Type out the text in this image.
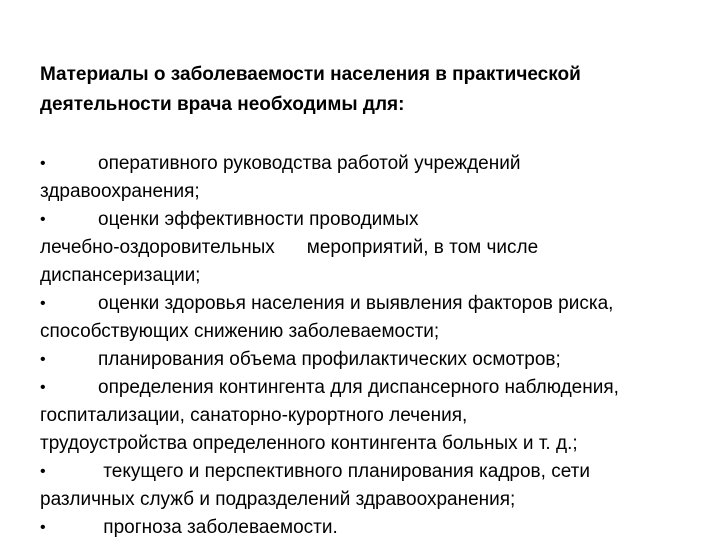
Материалы о заболеваемости населения в практической
деятельности врача необходимы для:

•	оперативного руководства работой учреждений
здравоохранения;
•	оценки эффективности проводимых
лечебно-оздоровительных мероприятий, в том числе
диспансеризации;
•	оценки здоровья населения и выявления факторов риска,
способствующих снижению заболеваемости;
•	планирования объема профилактических осмотров;
•	определения контингента для диспансерного наблюдения,
госпитализации, санаторно-курортного лечения,
трудоустройства определенного контингента больных и т. д.;
•	текущего и перспективного планирования кадров, сети
различных служб и подразделений здравоохранения;
•	прогноза заболеваемости.
